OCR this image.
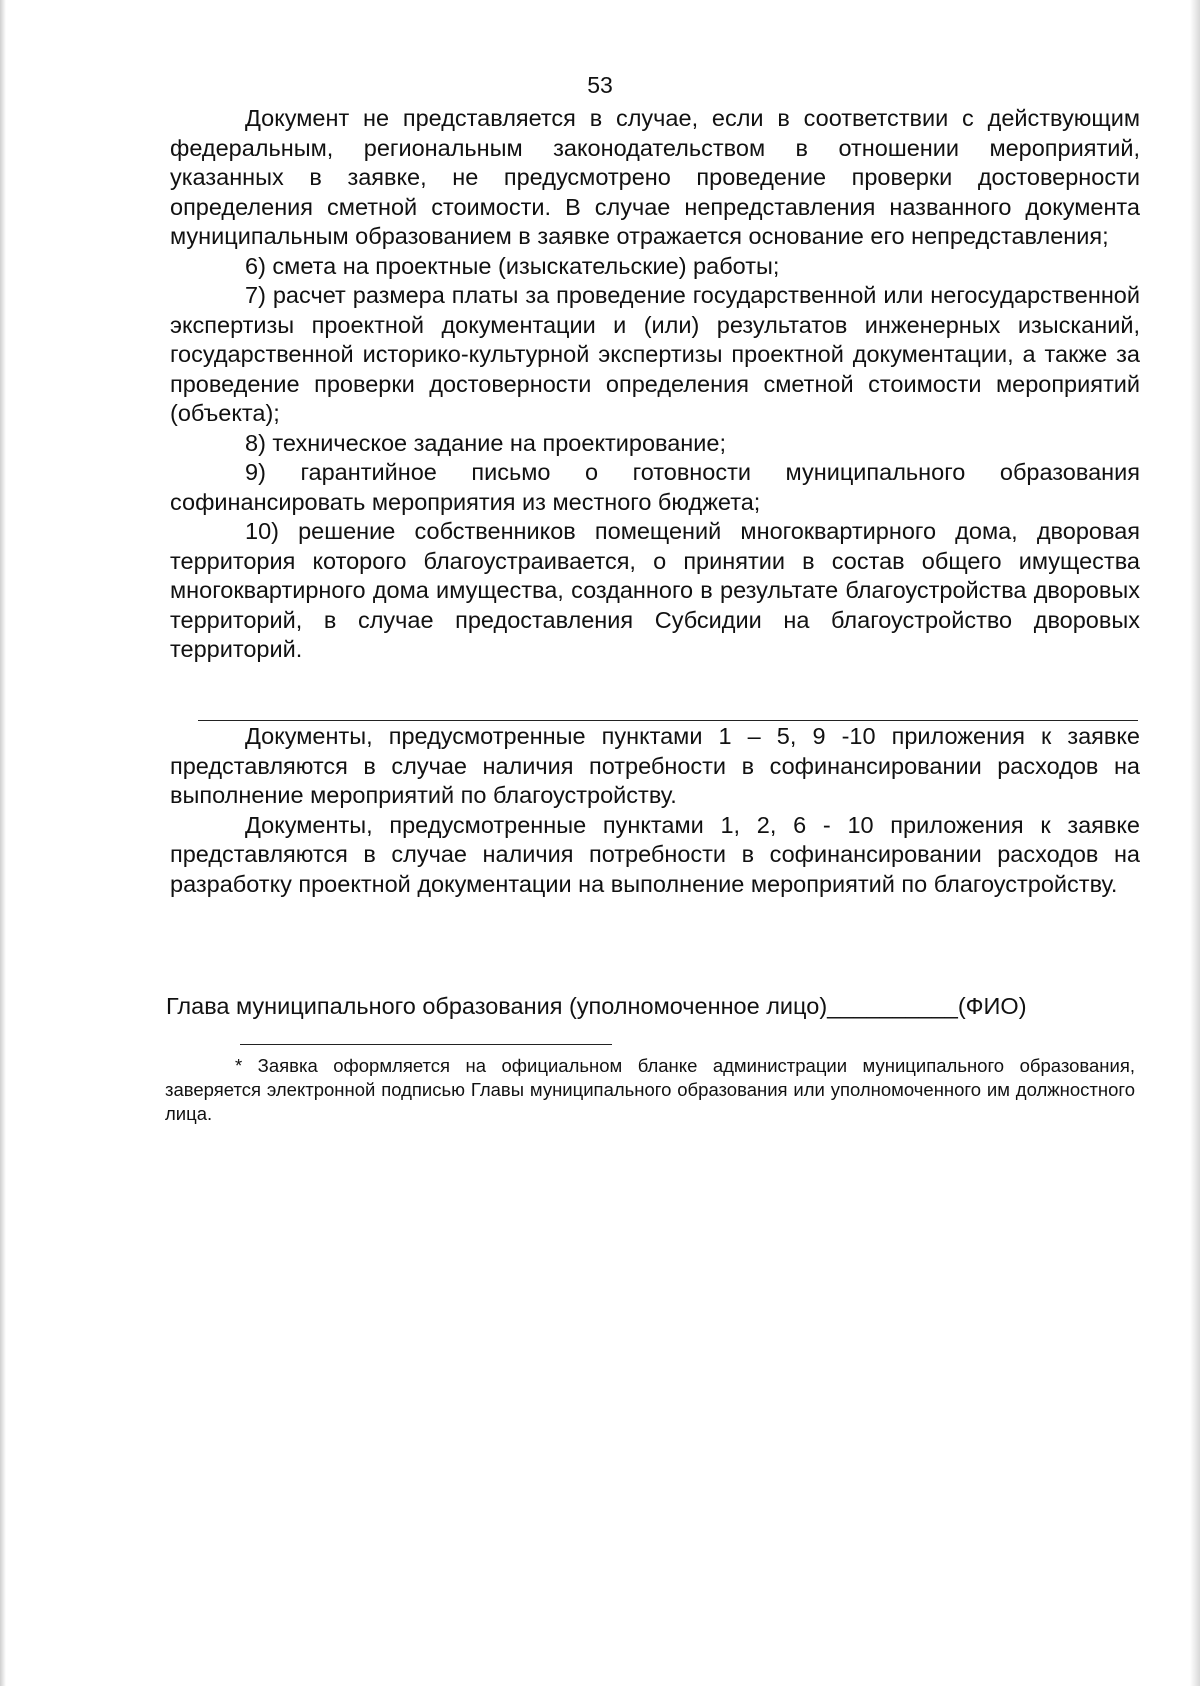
53

Документ не представляется в случае, если в соответствии с действующим федеральным, региональным законодательством в отношении мероприятий, указанных в заявке, не предусмотрено проведение проверки достоверности определения сметной стоимости. В случае непредставления названного документа муниципальным образованием в заявке отражается основание его непредставления;

6) смета на проектные (изыскательские) работы;

7) расчет размера платы за проведение государственной или негосударственной экспертизы проектной документации и (или) результатов инженерных изысканий, государственной историко-культурной экспертизы проектной документации, а также за проведение проверки достоверности определения сметной стоимости мероприятий (объекта);

8) техническое задание на проектирование;

9) гарантийное письмо о готовности муниципального образования софинансировать мероприятия из местного бюджета;

10) решение собственников помещений многоквартирного дома, дворовая территория которого благоустраивается, о принятии в состав общего имущества многоквартирного дома имущества, созданного в результате благоустройства дворовых территорий, в случае предоставления Субсидии на благоустройство дворовых территорий.

Документы, предусмотренные пунктами 1 – 5, 9 -10 приложения к заявке представляются в случае наличия потребности в софинансировании расходов на выполнение мероприятий по благоустройству.

Документы, предусмотренные пунктами 1, 2, 6 - 10 приложения к заявке представляются в случае наличия потребности в софинансировании расходов на разработку проектной документации на выполнение мероприятий по благоустройству.

Глава муниципального образования (уполномоченное лицо)__________(ФИО)

* Заявка оформляется на официальном бланке администрации муниципального образования, заверяется электронной подписью Главы муниципального образования или уполномоченного им должностного лица.
